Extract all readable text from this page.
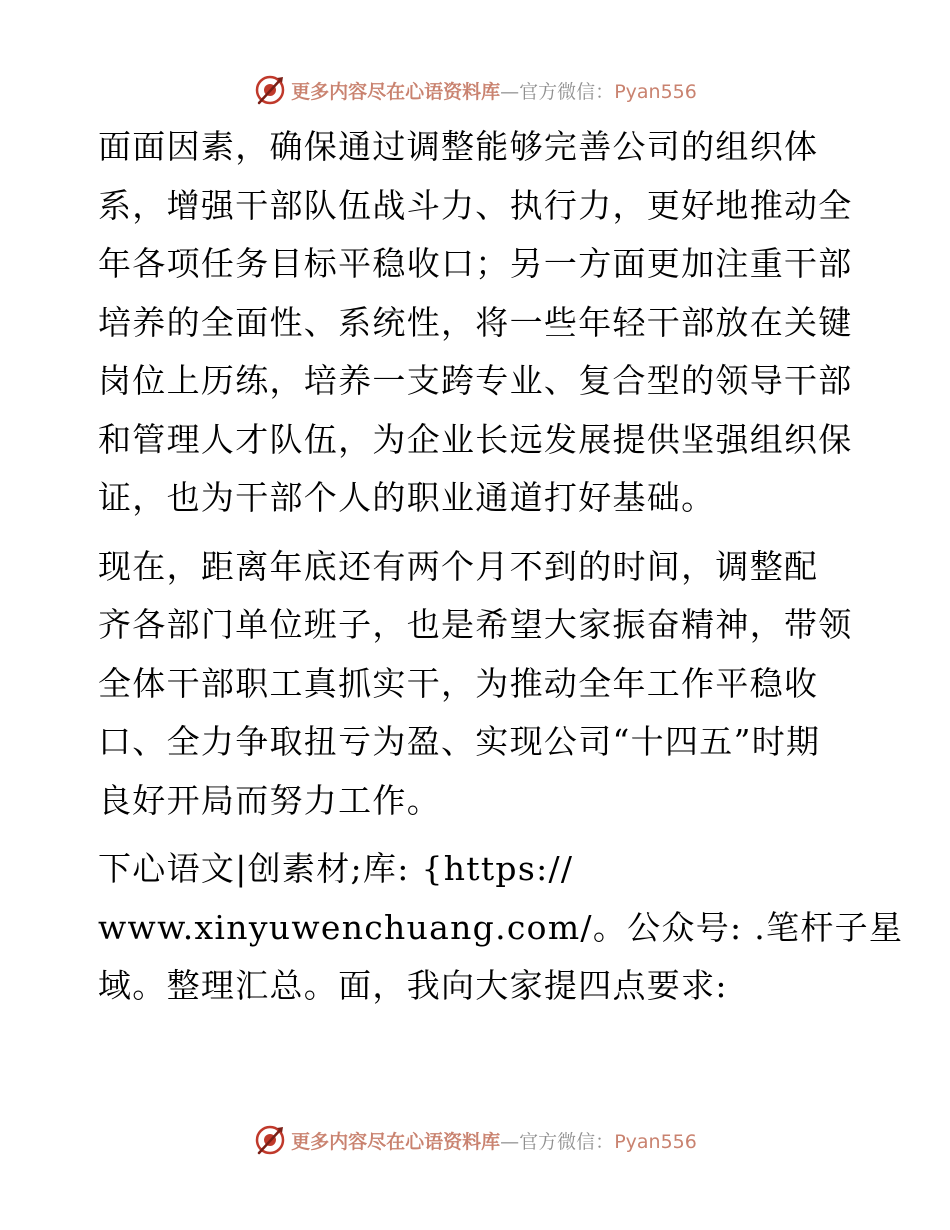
更多内容尽在心语资料库—官方微信：Pyan556
面面因素，确保通过调整能够完善公司的组织体
系，增强干部队伍战斗力、执行力，更好地推动全
年各项任务目标平稳收口；另一方面更加注重干部
培养的全面性、系统性，将一些年轻干部放在关键
岗位上历练，培养一支跨专业、复合型的领导干部
和管理人才队伍，为企业长远发展提供坚强组织保
证，也为干部个人的职业通道打好基础。
现在，距离年底还有两个月不到的时间，调整配
齐各部门单位班子，也是希望大家振奋精神，带领
全体干部职工真抓实干，为推动全年工作平稳收
口、全力争取扭亏为盈、实现公司“十四五”时期
良好开局而努力工作。
下心语文|创素材;库: {https://
www.xinyuwenchuang.com/。公众号: .笔杆子星
域。整理汇总。面，我向大家提四点要求:
更多内容尽在心语资料库—官方微信：Pyan556
